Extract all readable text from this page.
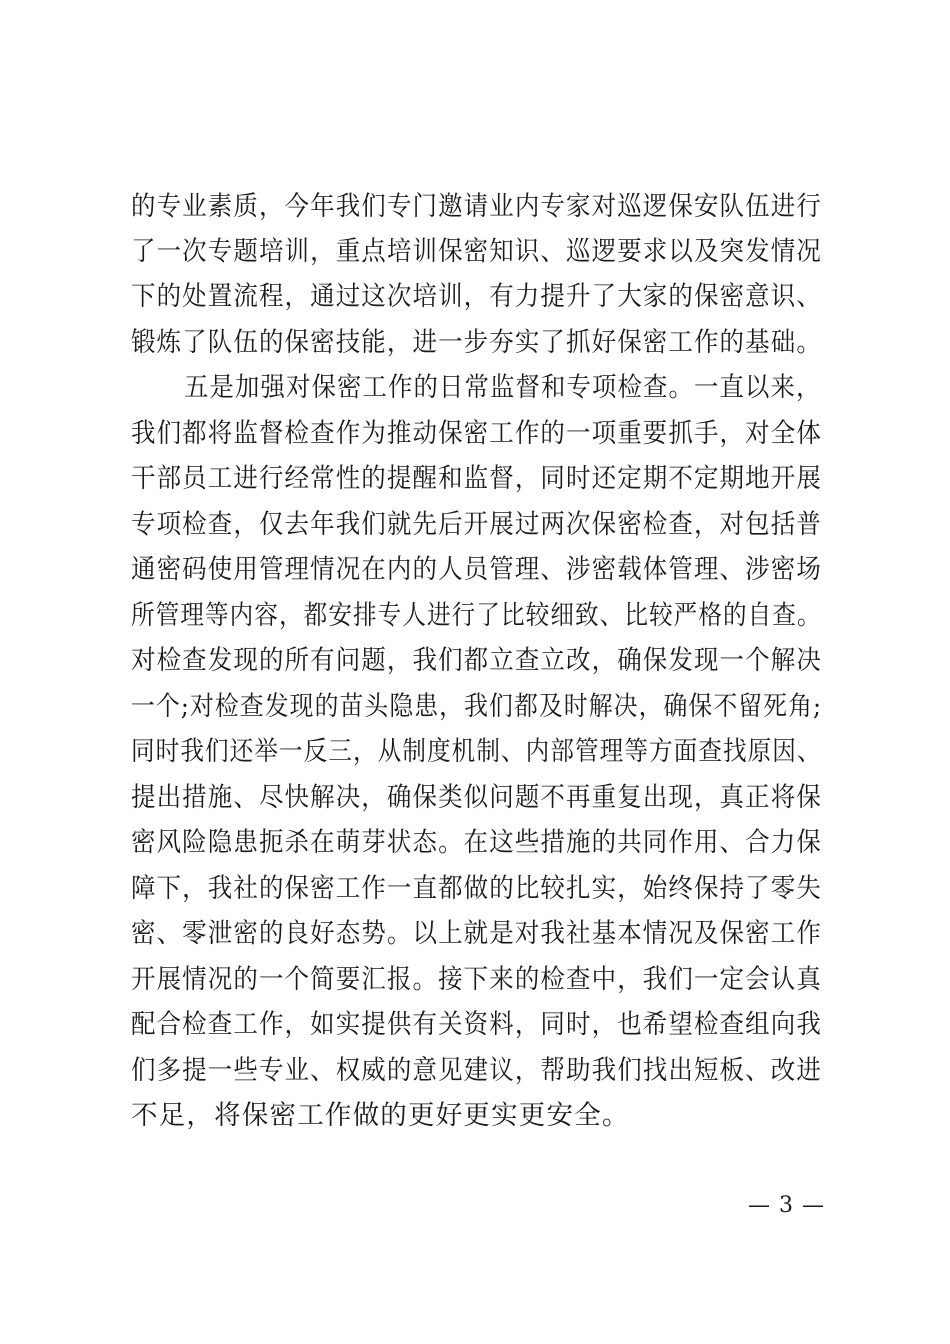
的专业素质，今年我们专门邀请业内专家对巡逻保安队伍进行
了一次专题培训，重点培训保密知识、巡逻要求以及突发情况
下的处置流程，通过这次培训，有力提升了大家的保密意识、
锻炼了队伍的保密技能，进一步夯实了抓好保密工作的基础。
五是加强对保密工作的日常监督和专项检查。一直以来，
我们都将监督检查作为推动保密工作的一项重要抓手，对全体
干部员工进行经常性的提醒和监督，同时还定期不定期地开展
专项检查，仅去年我们就先后开展过两次保密检查，对包括普
通密码使用管理情况在内的人员管理、涉密载体管理、涉密场
所管理等内容，都安排专人进行了比较细致、比较严格的自查。
对检查发现的所有问题，我们都立查立改，确保发现一个解决
一个;对检查发现的苗头隐患，我们都及时解决，确保不留死角;
同时我们还举一反三，从制度机制、内部管理等方面查找原因、
提出措施、尽快解决，确保类似问题不再重复出现，真正将保
密风险隐患扼杀在萌芽状态。在这些措施的共同作用、合力保
障下，我社的保密工作一直都做的比较扎实，始终保持了零失
密、零泄密的良好态势。以上就是对我社基本情况及保密工作
开展情况的一个简要汇报。接下来的检查中，我们一定会认真
配合检查工作，如实提供有关资料，同时，也希望检查组向我
们多提一些专业、权威的意见建议，帮助我们找出短板、改进
不足，将保密工作做的更好更实更安全。
— 3 —
